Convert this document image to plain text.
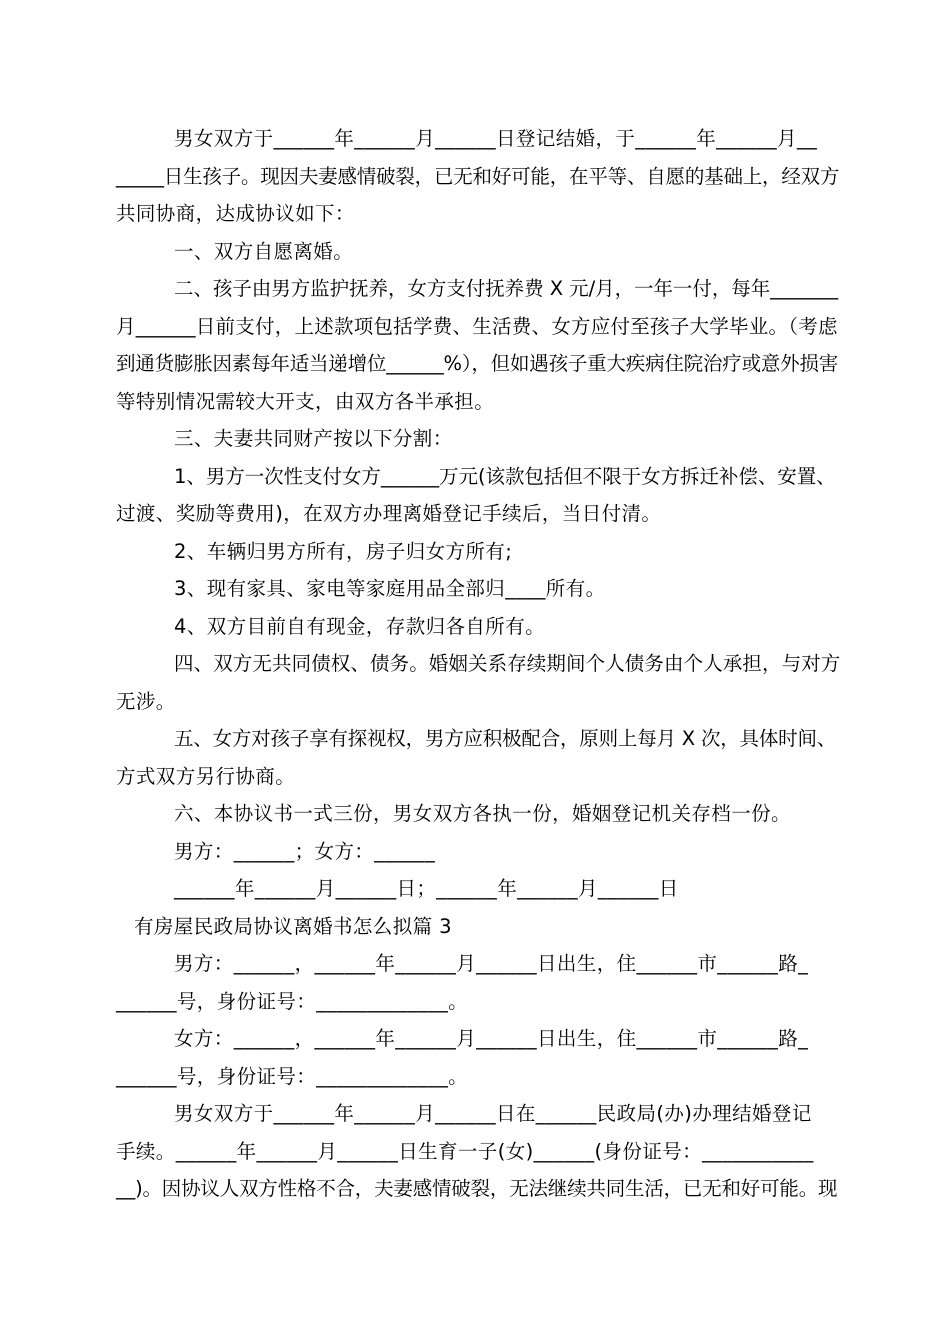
男女双方于______年______月______日登记结婚，于______年______月__
_____日生孩子。现因夫妻感情破裂，已无和好可能，在平等、自愿的基础上，经双方
共同协商，达成协议如下：
一、双方自愿离婚。
二、孩子由男方监护抚养，女方支付抚养费 X 元/月，一年一付，每年_______
月______日前支付，上述款项包括学费、生活费、女方应付至孩子大学毕业。（考虑
到通货膨胀因素每年适当递增位______%），但如遇孩子重大疾病住院治疗或意外损害
等特别情况需较大开支，由双方各半承担。
三、夫妻共同财产按以下分割：
1、男方一次性支付女方______万元(该款包括但不限于女方拆迁补偿、安置、
过渡、奖励等费用)，在双方办理离婚登记手续后，当日付清。
2、车辆归男方所有，房子归女方所有;
3、现有家具、家电等家庭用品全部归____所有。
4、双方目前自有现金，存款归各自所有。
四、双方无共同债权、债务。婚姻关系存续期间个人债务由个人承担，与对方
无涉。
五、女方对孩子享有探视权，男方应积极配合，原则上每月 X 次，具体时间、
方式双方另行协商。
六、本协议书一式三份，男女双方各执一份，婚姻登记机关存档一份。
男方：______；女方：______
______年______月______日；______年______月______日
有房屋民政局协议离婚书怎么拟篇 3
男方：______，______年______月______日出生，住______市______路_
______号，身份证号：_____________。
女方：______，______年______月______日出生，住______市______路_
______号，身份证号：_____________。
男女双方于______年______月______日在______民政局(办)办理结婚登记
手续。______年______月______日生育一子(女)______(身份证号：___________
__)。因协议人双方性格不合，夫妻感情破裂，无法继续共同生活，已无和好可能。现
